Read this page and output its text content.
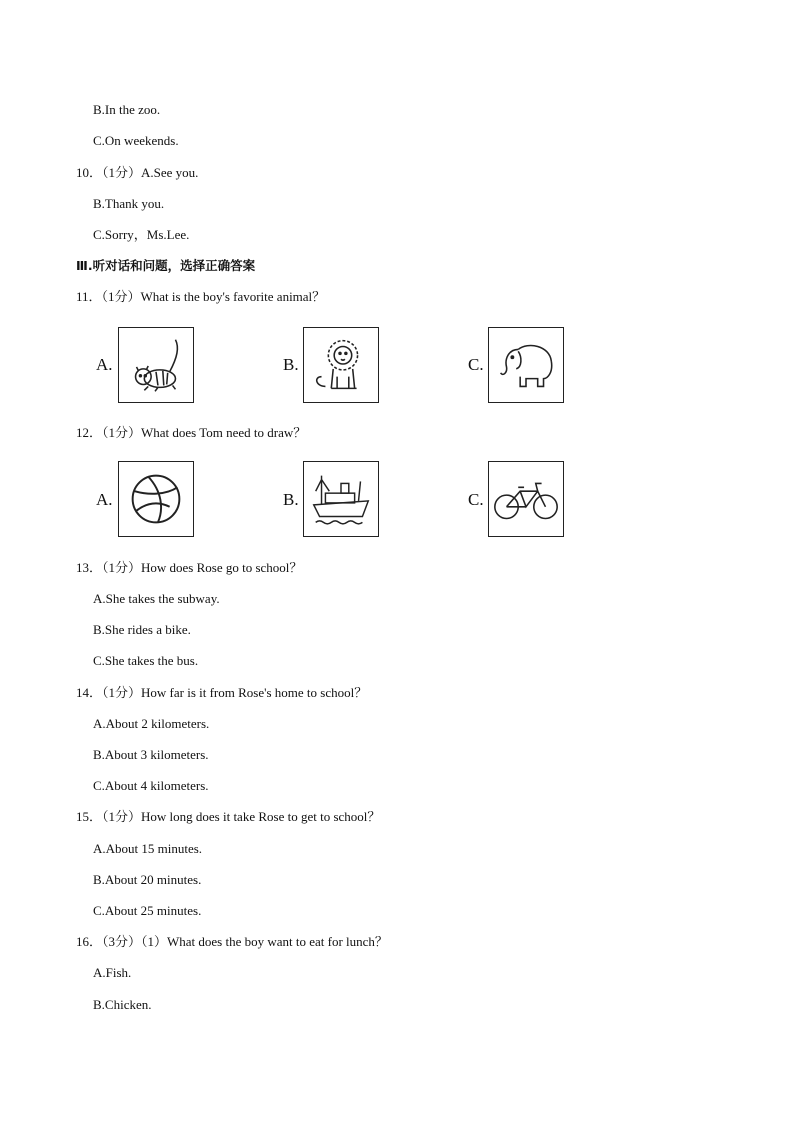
B.In the zoo.
C.On weekends.
10．（1分）A.See you.
B.Thank you.
C.Sorry，Ms.Lee.
Ⅲ.听对话和问题，选择正确答案
11．（1分）What is the boy's favorite animal？
A.	B.	C.
12．（1分）What does Tom need to draw？
A.	B.	C.
13．（1分）How does Rose go to school？
A.She takes the subway.
B.She rides a bike.
C.She takes the bus.
14．（1分）How far is it from Rose's home to school？
A.About 2 kilometers.
B.About 3 kilometers.
C.About 4 kilometers.
15．（1分）How long does it take Rose to get to school？
A.About 15 minutes.
B.About 20 minutes.
C.About 25 minutes.
16．（3分）（1）What does the boy want to eat for lunch？
A.Fish.
B.Chicken.
